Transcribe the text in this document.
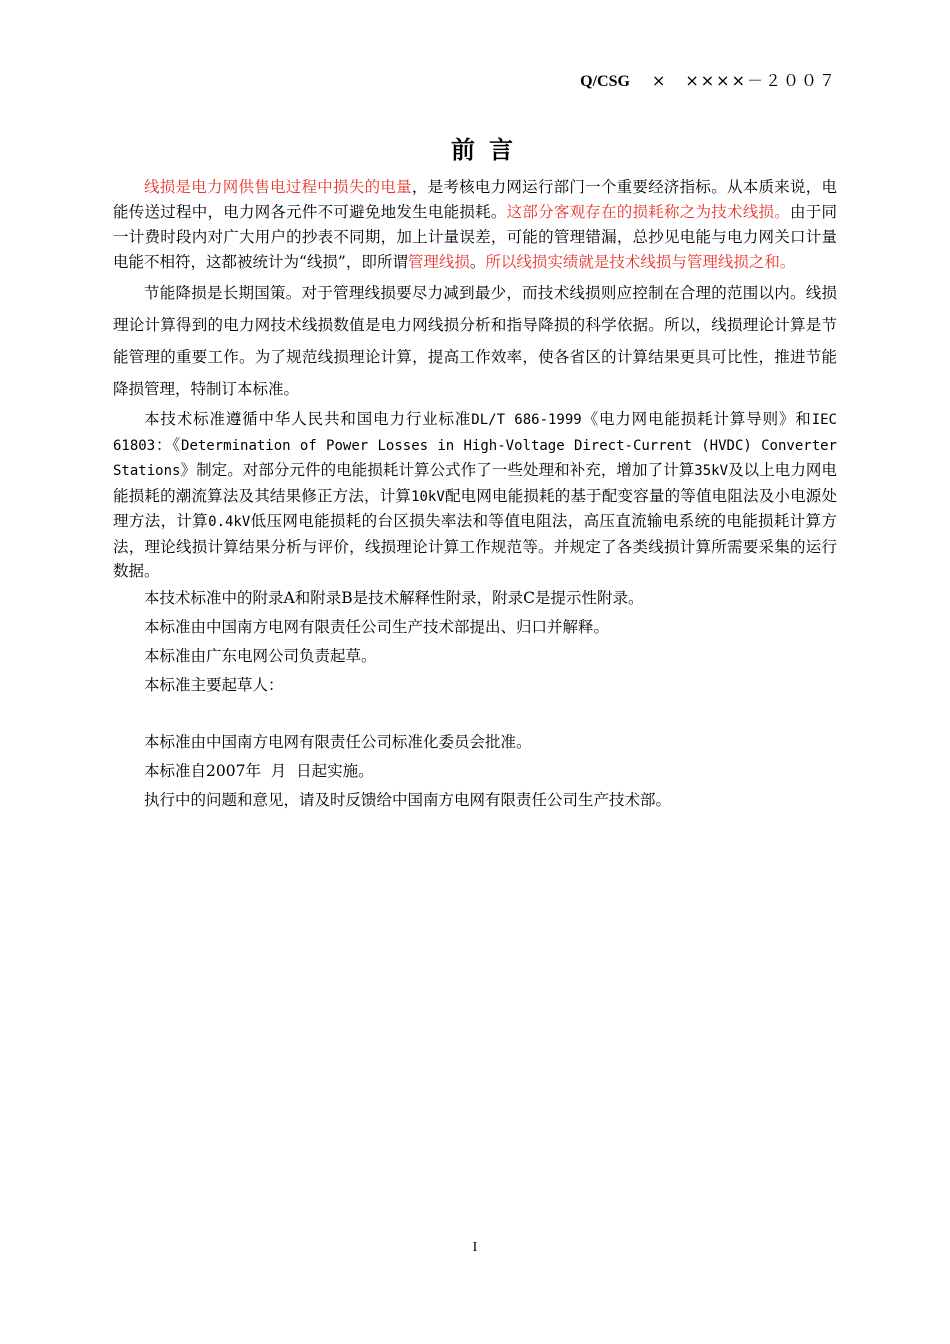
Q/CSG ×　××××－２００７
前言

线损是电力网供售电过程中损失的电量，是考核电力网运行部门一个重要经济指标。从本质来说，电能传送过程中，电力网各元件不可避免地发生电能损耗。这部分客观存在的损耗称之为技术线损。由于同一计费时段内对广大用户的抄表不同期，加上计量误差，可能的管理错漏，总抄见电能与电力网关口计量电能不相符，这都被统计为“线损”，即所谓管理线损。所以线损实绩就是技术线损与管理线损之和。

节能降损是长期国策。对于管理线损要尽力减到最少，而技术线损则应控制在合理的范围以内。线损理论计算得到的电力网技术线损数值是电力网线损分析和指导降损的科学依据。所以，线损理论计算是节能管理的重要工作。为了规范线损理论计算，提高工作效率，使各省区的计算结果更具可比性，推进节能降损管理，特制订本标准。

本技术标准遵循中华人民共和国电力行业标准DL/T 686-1999《电力网电能损耗计算导则》和IEC 61803：《Determination of Power Losses in High-Voltage Direct-Current (HVDC) Converter Stations》制定。对部分元件的电能损耗计算公式作了一些处理和补充，增加了计算35kV及以上电力网电能损耗的潮流算法及其结果修正方法，计算10kV配电网电能损耗的基于配变容量的等值电阻法及小电源处理方法，计算0.4kV低压网电能损耗的台区损失率法和等值电阻法，高压直流输电系统的电能损耗计算方法，理论线损计算结果分析与评价，线损理论计算工作规范等。并规定了各类线损计算所需要采集的运行数据。

本技术标准中的附录A和附录B是技术解释性附录，附录C是提示性附录。

本标准由中国南方电网有限责任公司生产技术部提出、归口并解释。

本标准由广东电网公司负责起草。

本标准主要起草人：

本标准由中国南方电网有限责任公司标准化委员会批准。

本标准自2007年  月  日起实施。

执行中的问题和意见，请及时反馈给中国南方电网有限责任公司生产技术部。

I
